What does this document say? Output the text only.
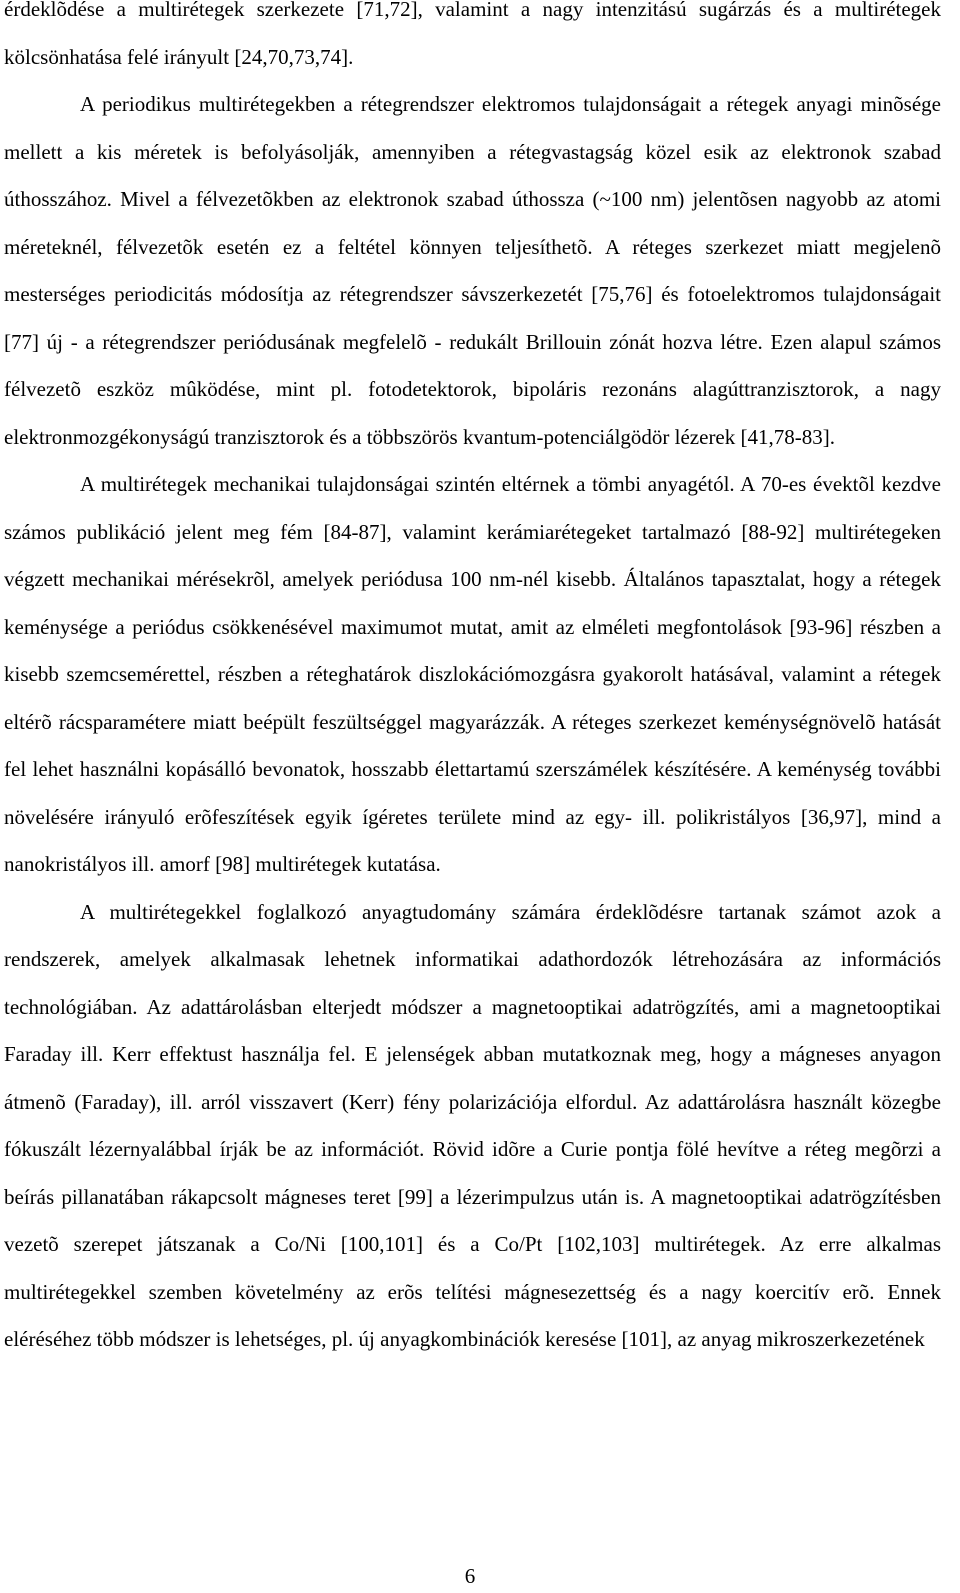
érdeklõdése a multirétegek szerkezete [71,72], valamint a nagy intenzitású sugárzás és a multirétegek kölcsönhatása felé irányult [24,70,73,74].

A periodikus multirétegekben a rétegrendszer elektromos tulajdonságait a rétegek anyagi minõsége mellett a kis méretek is befolyásolják, amennyiben a rétegvastagság közel esik az elektronok szabad úthosszához. Mivel a félvezetõkben az elektronok szabad úthossza (~100 nm) jelentõsen nagyobb az atomi méreteknél, félvezetõk esetén ez a feltétel könnyen teljesíthetõ. A réteges szerkezet miatt megjelenõ mesterséges periodicitás módosítja az rétegrendszer sávszerkezetét [75,76] és fotoelektromos tulajdonságait [77] új - a rétegrendszer periódusának megfelelõ - redukált Brillouin zónát hozva létre. Ezen alapul számos félvezetõ eszköz mûködése, mint pl. fotodetektorok, bipoláris rezonáns alagúttranzisztorok, a nagy elektronmozgékonyságú tranzisztorok és a többszörös kvantum-potenciálgödör lézerek [41,78-83].

A multirétegek mechanikai tulajdonságai szintén eltérnek a tömbi anyagétól. A 70-es évektõl kezdve számos publikáció jelent meg fém [84-87], valamint kerámiarétegeket tartalmazó [88-92] multirétegeken végzett mechanikai mérésekrõl, amelyek periódusa 100 nm-nél kisebb. Általános tapasztalat, hogy a rétegek keménysége a periódus csökkenésével maximumot mutat, amit az elméleti megfontolások [93-96] részben a kisebb szemcsemérettel, részben a réteghatárok diszlokációmozgásra gyakorolt hatásával, valamint a rétegek eltérõ rácsparamétere miatt beépült feszültséggel magyarázzák. A réteges szerkezet keménységnövelõ hatását fel lehet használni kopásálló bevonatok, hosszabb élettartamú szerszámélek készítésére. A keménység további növelésére irányuló erõfeszítések egyik ígéretes területe mind az egy- ill. polikristályos [36,97], mind a nanokristályos ill. amorf [98] multirétegek kutatása.

A multirétegekkel foglalkozó anyagtudomány számára érdeklõdésre tartanak számot azok a rendszerek, amelyek alkalmasak lehetnek informatikai adathordozók létrehozására az információs technológiában. Az adattárolásban elterjedt módszer a magnetooptikai adatrögzítés, ami a magnetooptikai Faraday ill. Kerr effektust használja fel. E jelenségek abban mutatkoznak meg, hogy a mágneses anyagon átmenõ (Faraday), ill. arról visszavert (Kerr) fény polarizációja elfordul. Az adattárolásra használt közegbe fókuszált lézernyalábbal írják be az információt. Rövid idõre a Curie pontja fölé hevítve a réteg megõrzi a beírás pillanatában rákapcsolt mágneses teret [99] a lézerimpulzus után is. A magnetooptikai adatrögzítésben vezetõ szerepet játszanak a Co/Ni [100,101] és a Co/Pt [102,103] multirétegek. Az erre alkalmas multirétegekkel szemben követelmény az erõs telítési mágnesezettség és a nagy koercitív erõ. Ennek eléréséhez több módszer is lehetséges, pl. új anyagkombinációk keresése [101], az anyag mikroszerkezetének

6
